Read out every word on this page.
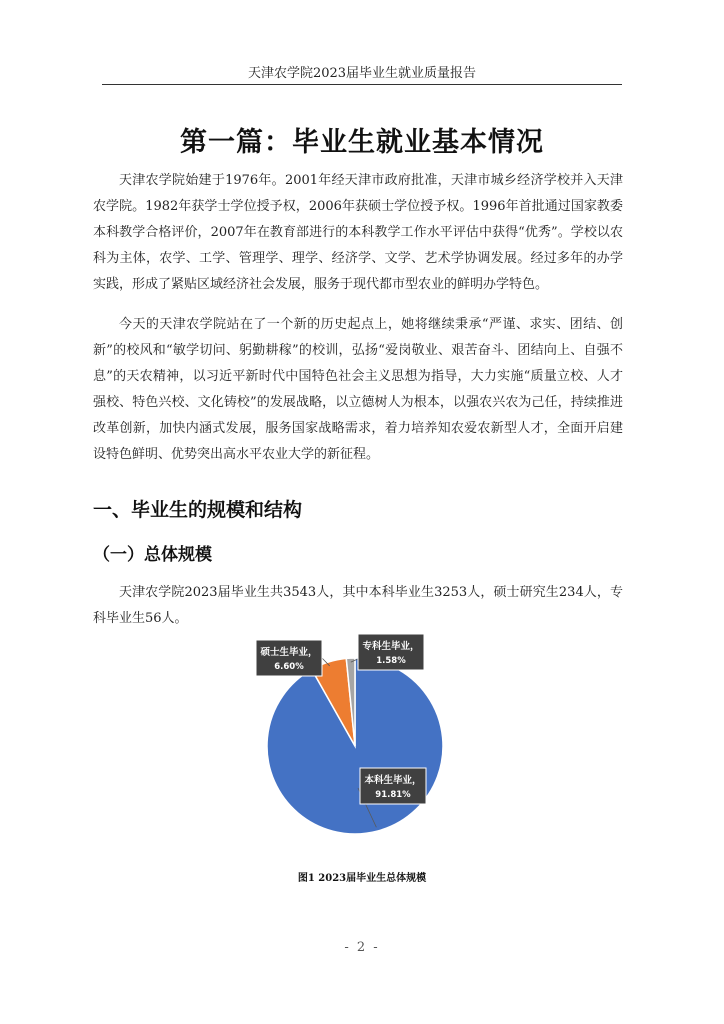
天津农学院2023届毕业生就业质量报告
第一篇：毕业生就业基本情况
天津农学院始建于1976年。2001年经天津市政府批准，天津市城乡经济学校并入天津农学院。1982年获学士学位授予权，2006年获硕士学位授予权。1996年首批通过国家教委本科教学合格评价，2007年在教育部进行的本科教学工作水平评估中获得“优秀”。学校以农科为主体，农学、工学、管理学、理学、经济学、文学、艺术学协调发展。经过多年的办学实践，形成了紧贴区域经济社会发展，服务于现代都市型农业的鲜明办学特色。
今天的天津农学院站在了一个新的历史起点上，她将继续秉承“严谨、求实、团结、创新”的校风和“敏学切问、躬勤耕稼”的校训，弘扬“爱岗敬业、艰苦奋斗、团结向上、自强不息”的天农精神，以习近平新时代中国特色社会主义思想为指导，大力实施“质量立校、人才强校、特色兴校、文化铸校”的发展战略，以立德树人为根本，以强农兴农为己任，持续推进改革创新，加快内涵式发展，服务国家战略需求，着力培养知农爱农新型人才，全面开启建设特色鲜明、优势突出高水平农业大学的新征程。
一、毕业生的规模和结构
（一）总体规模
天津农学院2023届毕业生共3543人，其中本科毕业生3253人，硕士研究生234人，专科毕业生56人。
本科生毕业，
91.81%
硕士生毕业，
6.60%
专科生毕业，
1.58%
图1 2023届毕业生总体规模
- 2 -
